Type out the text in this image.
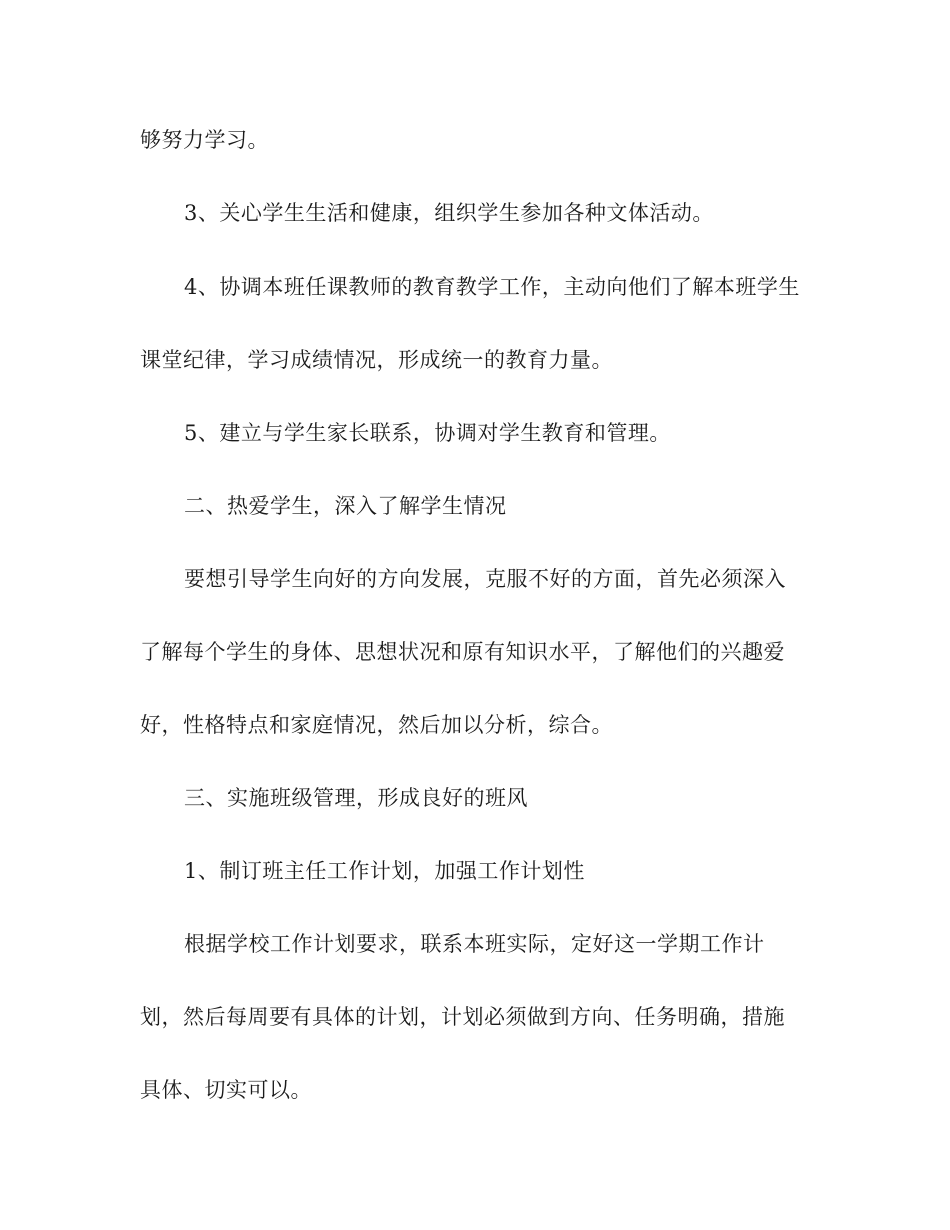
够努力学习。
3、关心学生生活和健康，组织学生参加各种文体活动。
4、协调本班任课教师的教育教学工作，主动向他们了解本班学生
课堂纪律，学习成绩情况，形成统一的教育力量。
5、建立与学生家长联系，协调对学生教育和管理。
二、热爱学生，深入了解学生情况
要想引导学生向好的方向发展，克服不好的方面，首先必须深入
了解每个学生的身体、思想状况和原有知识水平，了解他们的兴趣爱
好，性格特点和家庭情况，然后加以分析，综合。
三、实施班级管理，形成良好的班风
1、制订班主任工作计划，加强工作计划性
根据学校工作计划要求，联系本班实际，定好这一学期工作计
划，然后每周要有具体的计划，计划必须做到方向、任务明确，措施
具体、切实可以。
